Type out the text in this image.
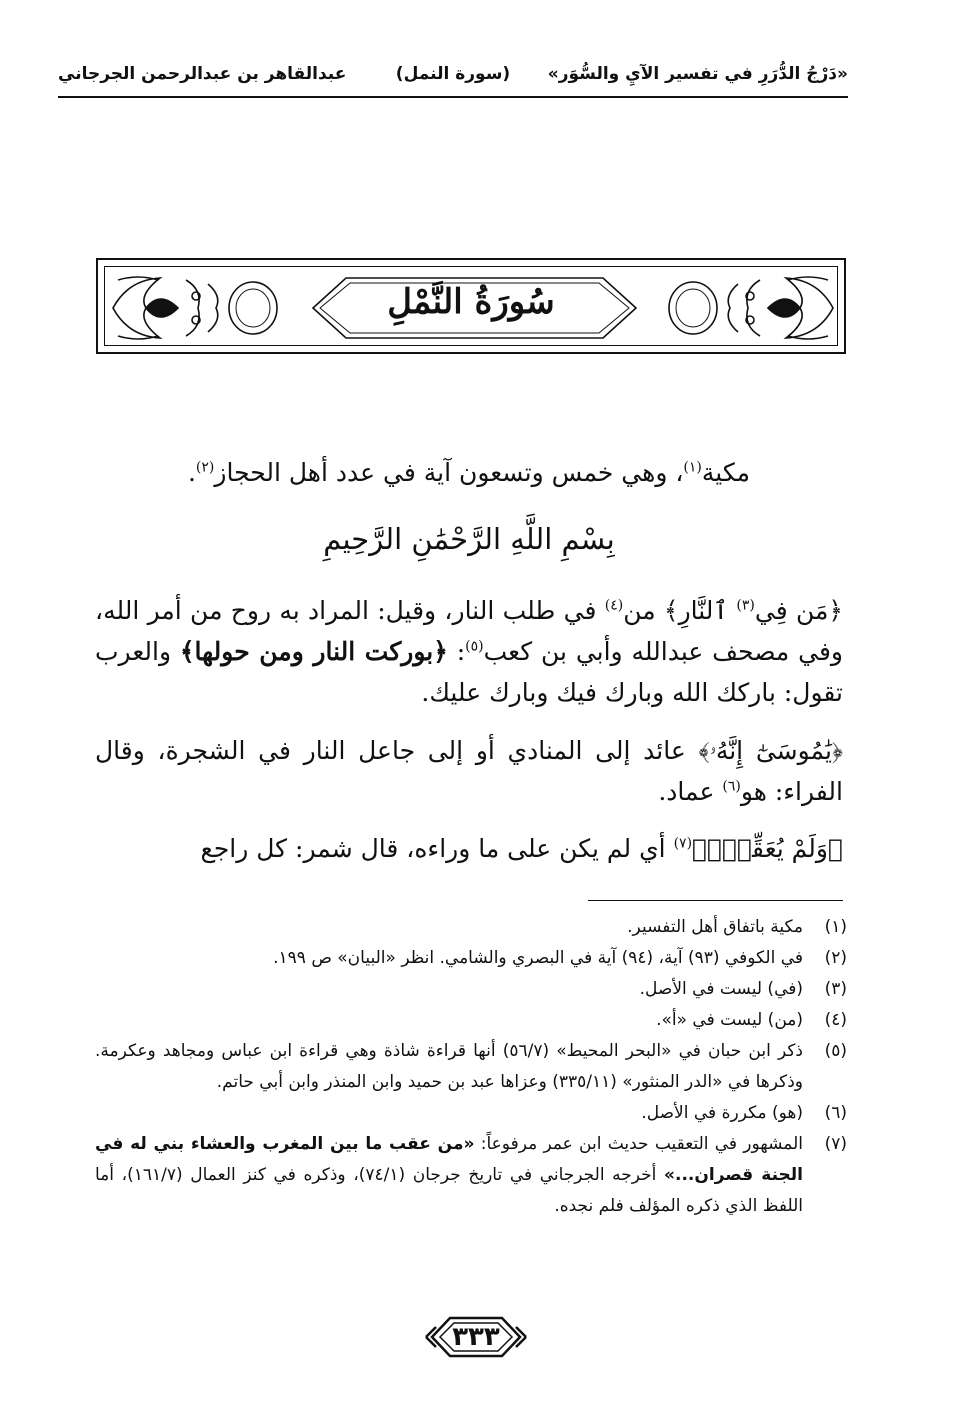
«دَرْجُ الدُّرَرِ في تفسير الآيِ والسُّوَر»
(سورة النمل)
عبدالقاهر بن عبدالرحمن الجرجاني
سُورَةُ النَّمْلِ
مكية$^{(١)}$، وهي خمس وتسعون آية في عدد أهل الحجاز$^{(٢)}$.
بِسْمِ اللَّهِ الرَّحْمَٰنِ الرَّحِيمِ
﴿مَن فِي$^{(٣)}$ ٱلنَّارِ﴾ من$^{(٤)}$ في طلب النار، وقيل: المراد به روح من أمر الله، وفي مصحف عبدالله وأبي بن كعب$^{(٥)}$: ﴿بوركت النار ومن حولها﴾ والعرب تقول: باركك الله وبارك فيك وبارك عليك.
﴿يَٰمُوسَىٰٓ إِنَّهُۥ﴾ عائد إلى المنادي أو إلى جاعل النار في الشجرة، وقال الفراء: هو$^{(٦)}$ عماد.
﴿وَلَمْ يُعَقِّبْۚ﴾$^{(٧)}$ أي لم يكن على ما وراءه، قال شمر: كل راجع
(١)
مكية باتفاق أهل التفسير.
(٢)
في الكوفي (٩٣) آية، (٩٤) آية في البصري والشامي. انظر «البيان» ص ١٩٩.
(٣)
(في) ليست في الأصل.
(٤)
(من) ليست في «أ».
(٥)
ذكر ابن حبان في «البحر المحيط» (٥٦/٧) أنها قراءة شاذة وهي قراءة ابن عباس ومجاهد وعكرمة. وذكرها في «الدر المنثور» (٣٣٥/١١) وعزاها عبد بن حميد وابن المنذر وابن أبي حاتم.
(٦)
(هو) مكررة في الأصل.
(٧)
المشهور في التعقيب حديث ابن عمر مرفوعاً: «من عقب ما بين المغرب والعشاء بني له في الجنة قصران...» أخرجه الجرجاني في تاريخ جرجان (٧٤/١)، وذكره في كنز العمال (١٦١/٧)، أما اللفظ الذي ذكره المؤلف فلم نجده.
٣٣٣
